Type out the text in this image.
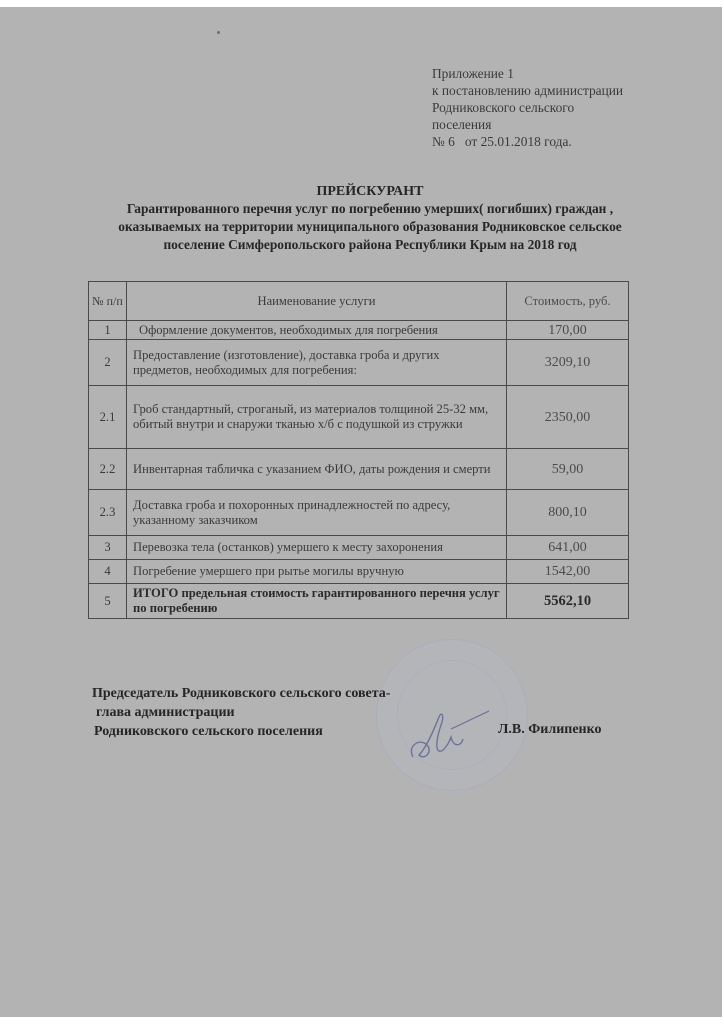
Приложение 1
к постановлению администрации
Родниковского сельского
поселения
№ 6   от 25.01.2018 года.
ПРЕЙСКУРАНТ
Гарантированного перечня услуг по погребению умерших( погибших) граждан ,
оказываемых на территории муниципального образования Родниковское сельское
поселение Симферопольского района Республики Крым на 2018 год
№ п/п	Наименование услуги	Стоимость, руб.
1	Оформление документов, необходимых для погребения	170,00
2	Предоставление (изготовление), доставка гроба и других предметов, необходимых для погребения:	3209,10
2.1	Гроб стандартный, строганый, из материалов толщиной 25-32 мм, обитый внутри и снаружи тканью х/б с подушкой из стружки	2350,00
2.2	Инвентарная табличка с указанием ФИО, даты рождения и смерти	59,00
2.3	Доставка гроба и похоронных принадлежностей по адресу, указанному заказчиком	800,10
3	Перевозка тела (останков) умершего к месту захоронения	641,00
4	Погребение умершего при рытье могилы вручную	1542,00
5	ИТОГО предельная стоимость гарантированного перечня услуг по погребению	5562,10
Председатель Родниковского сельского совета-
глава администрации
Родниковского сельского поселения	Л.В. Филипенко
